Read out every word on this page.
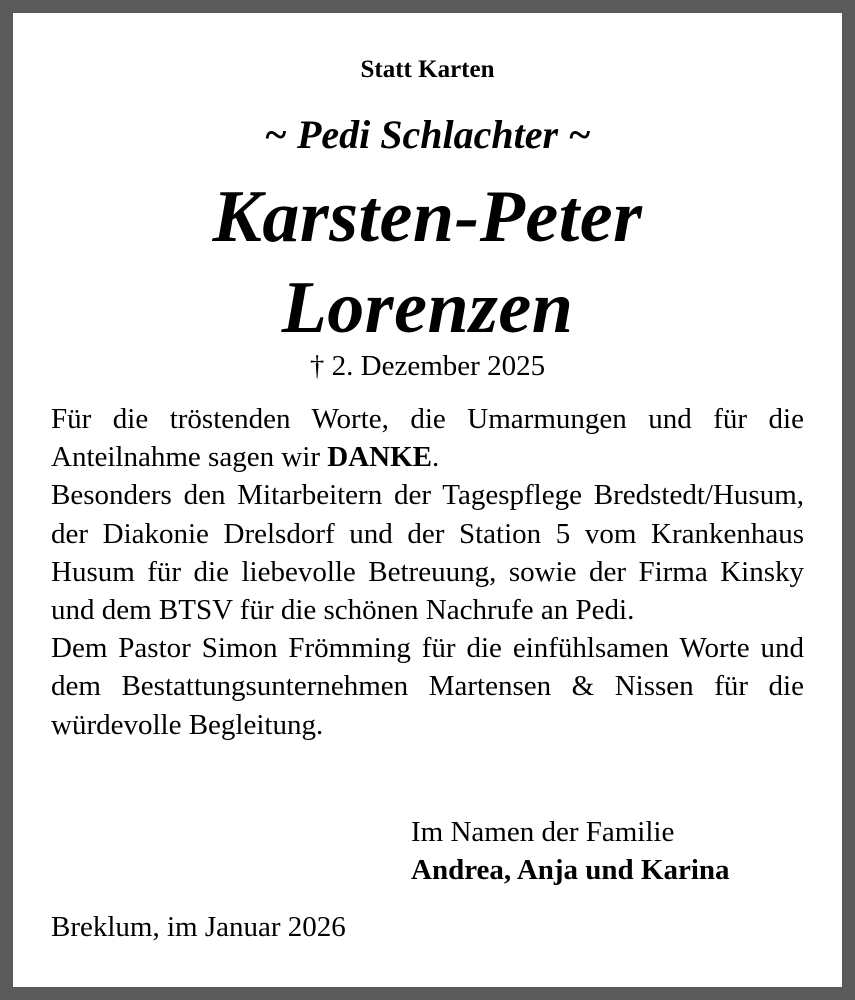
Statt Karten
~ Pedi Schlachter ~
Karsten-Peter
Lorenzen
† 2. Dezember 2025

Für die tröstenden Worte, die Umarmungen und für die Anteilnahme sagen wir DANKE.

Besonders den Mitarbeitern der Tagespflege Bredstedt/Husum, der Diakonie Drelsdorf und der Station 5 vom Krankenhaus Husum für die liebevolle Betreuung, sowie der Firma Kinsky und dem BTSV für die schönen Nachrufe an Pedi.

Dem Pastor Simon Frömming für die einfühlsamen Worte und dem Bestattungsunternehmen Martensen & Nissen für die würdevolle Begleitung.

Im Namen der Familie
Andrea, Anja und Karina
Breklum, im Januar 2026
